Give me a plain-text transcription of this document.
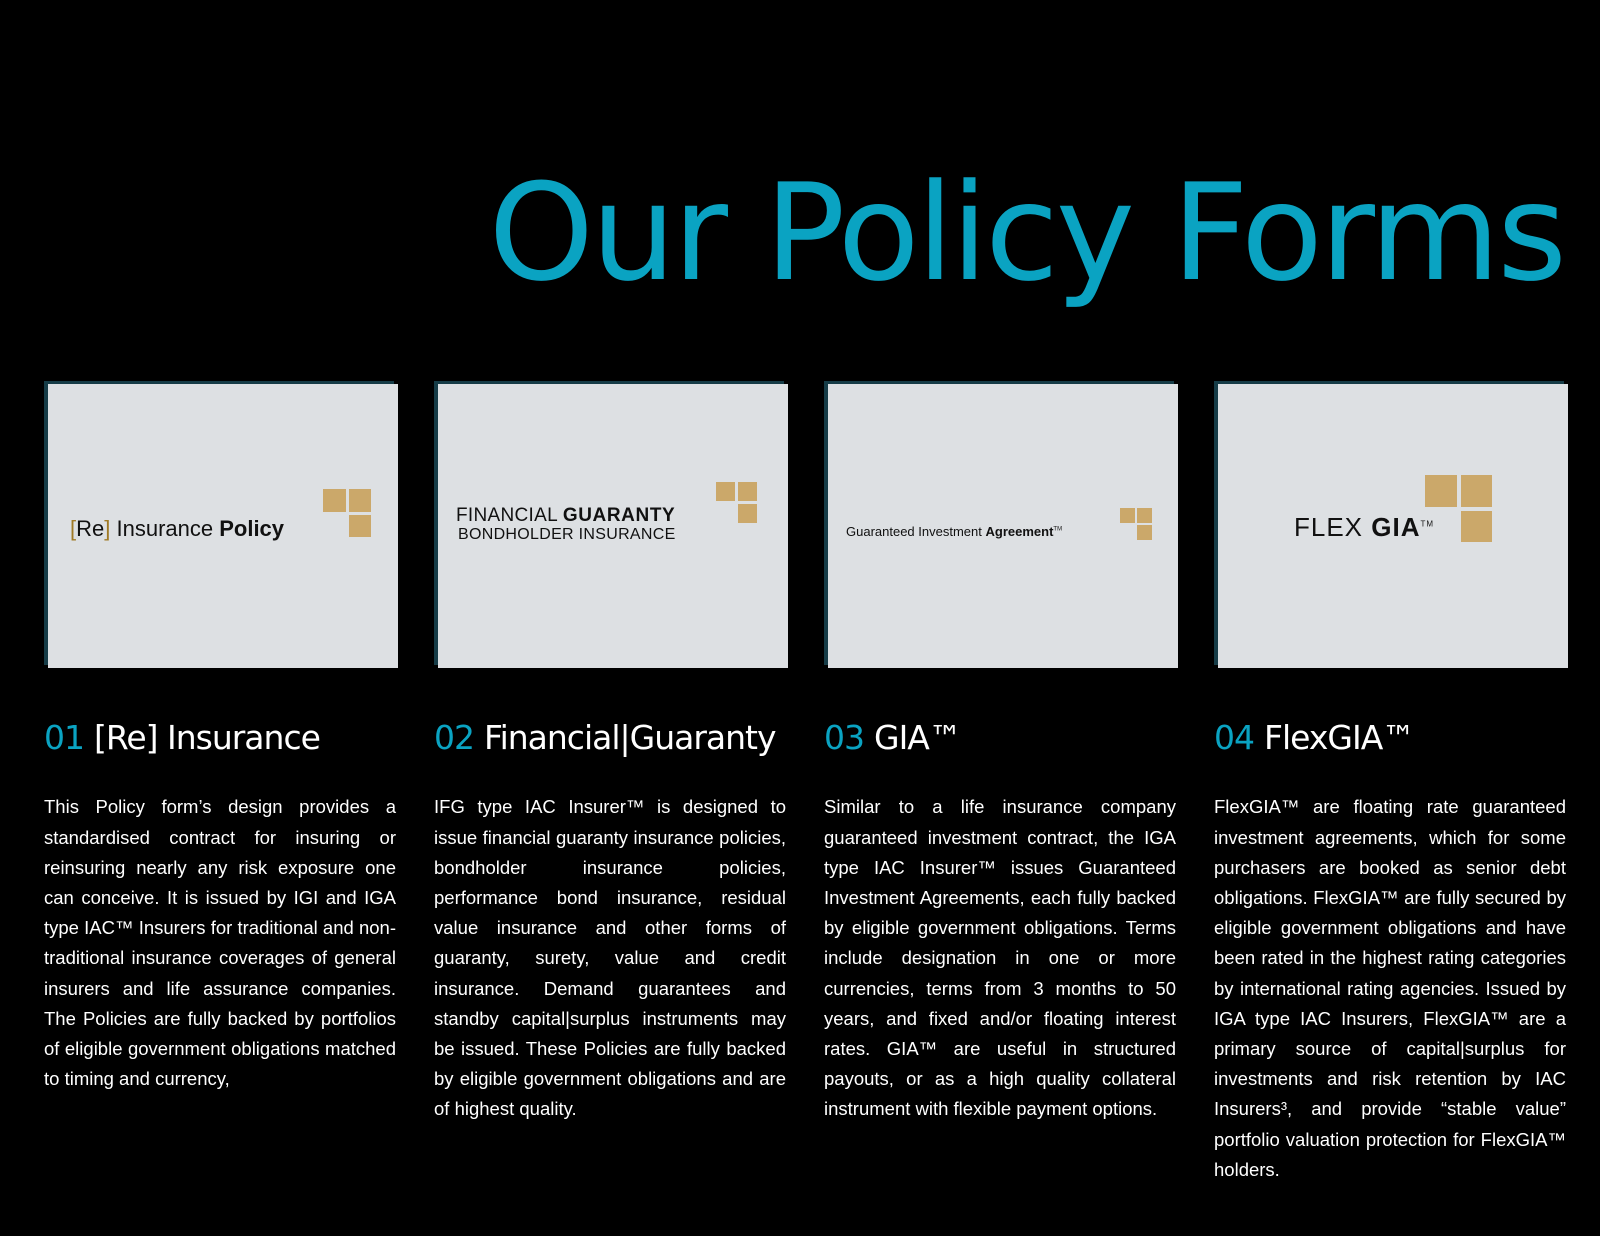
Our Policy Forms
[Re] Insurance Policy
01 [Re] Insurance

This Policy form’s design provides a standardised contract for insuring or reinsuring nearly any risk exposure one can conceive. It is issued by IGI and IGA type IAC™ Insurers for traditional and non-traditional insurance coverages of general insurers and life assurance companies. The Policies are fully backed by portfolios of eligible government obligations matched to timing and currency,

FINANCIAL GUARANTY
BONDHOLDER INSURANCE
02 Financial|Guaranty

IFG type IAC Insurer™ is designed to issue financial guaranty insurance policies, bondholder insurance policies, performance bond insurance, residual value insurance and other forms of guaranty, surety, value and credit insurance. Demand guarantees and standby capital|surplus instruments may be issued. These Policies are fully backed by eligible government obligations and are of highest quality.

Guaranteed Investment Agreement™
03 GIA™

Similar to a life insurance company guaranteed investment contract, the IGA type IAC Insurer™ issues Guaranteed Investment Agreements, each fully backed by eligible government obligations. Terms include designation in one or more currencies, terms from 3 months to 50 years, and fixed and/or floating interest rates. GIA™ are useful in structured payouts, or as a high quality collateral instrument with flexible payment options.

FLEX GIA™
04 FlexGIA™

FlexGIA™ are floating rate guaranteed investment agreements, which for some purchasers are booked as senior debt obligations. FlexGIA™ are fully secured by eligible government obligations and have been rated in the highest rating categories by international rating agencies. Issued by IGA type IAC Insurers, FlexGIA™ are a primary source of capital|surplus for investments and risk retention by IAC Insurers³, and provide “stable value” portfolio valuation protection for FlexGIA™ holders.
